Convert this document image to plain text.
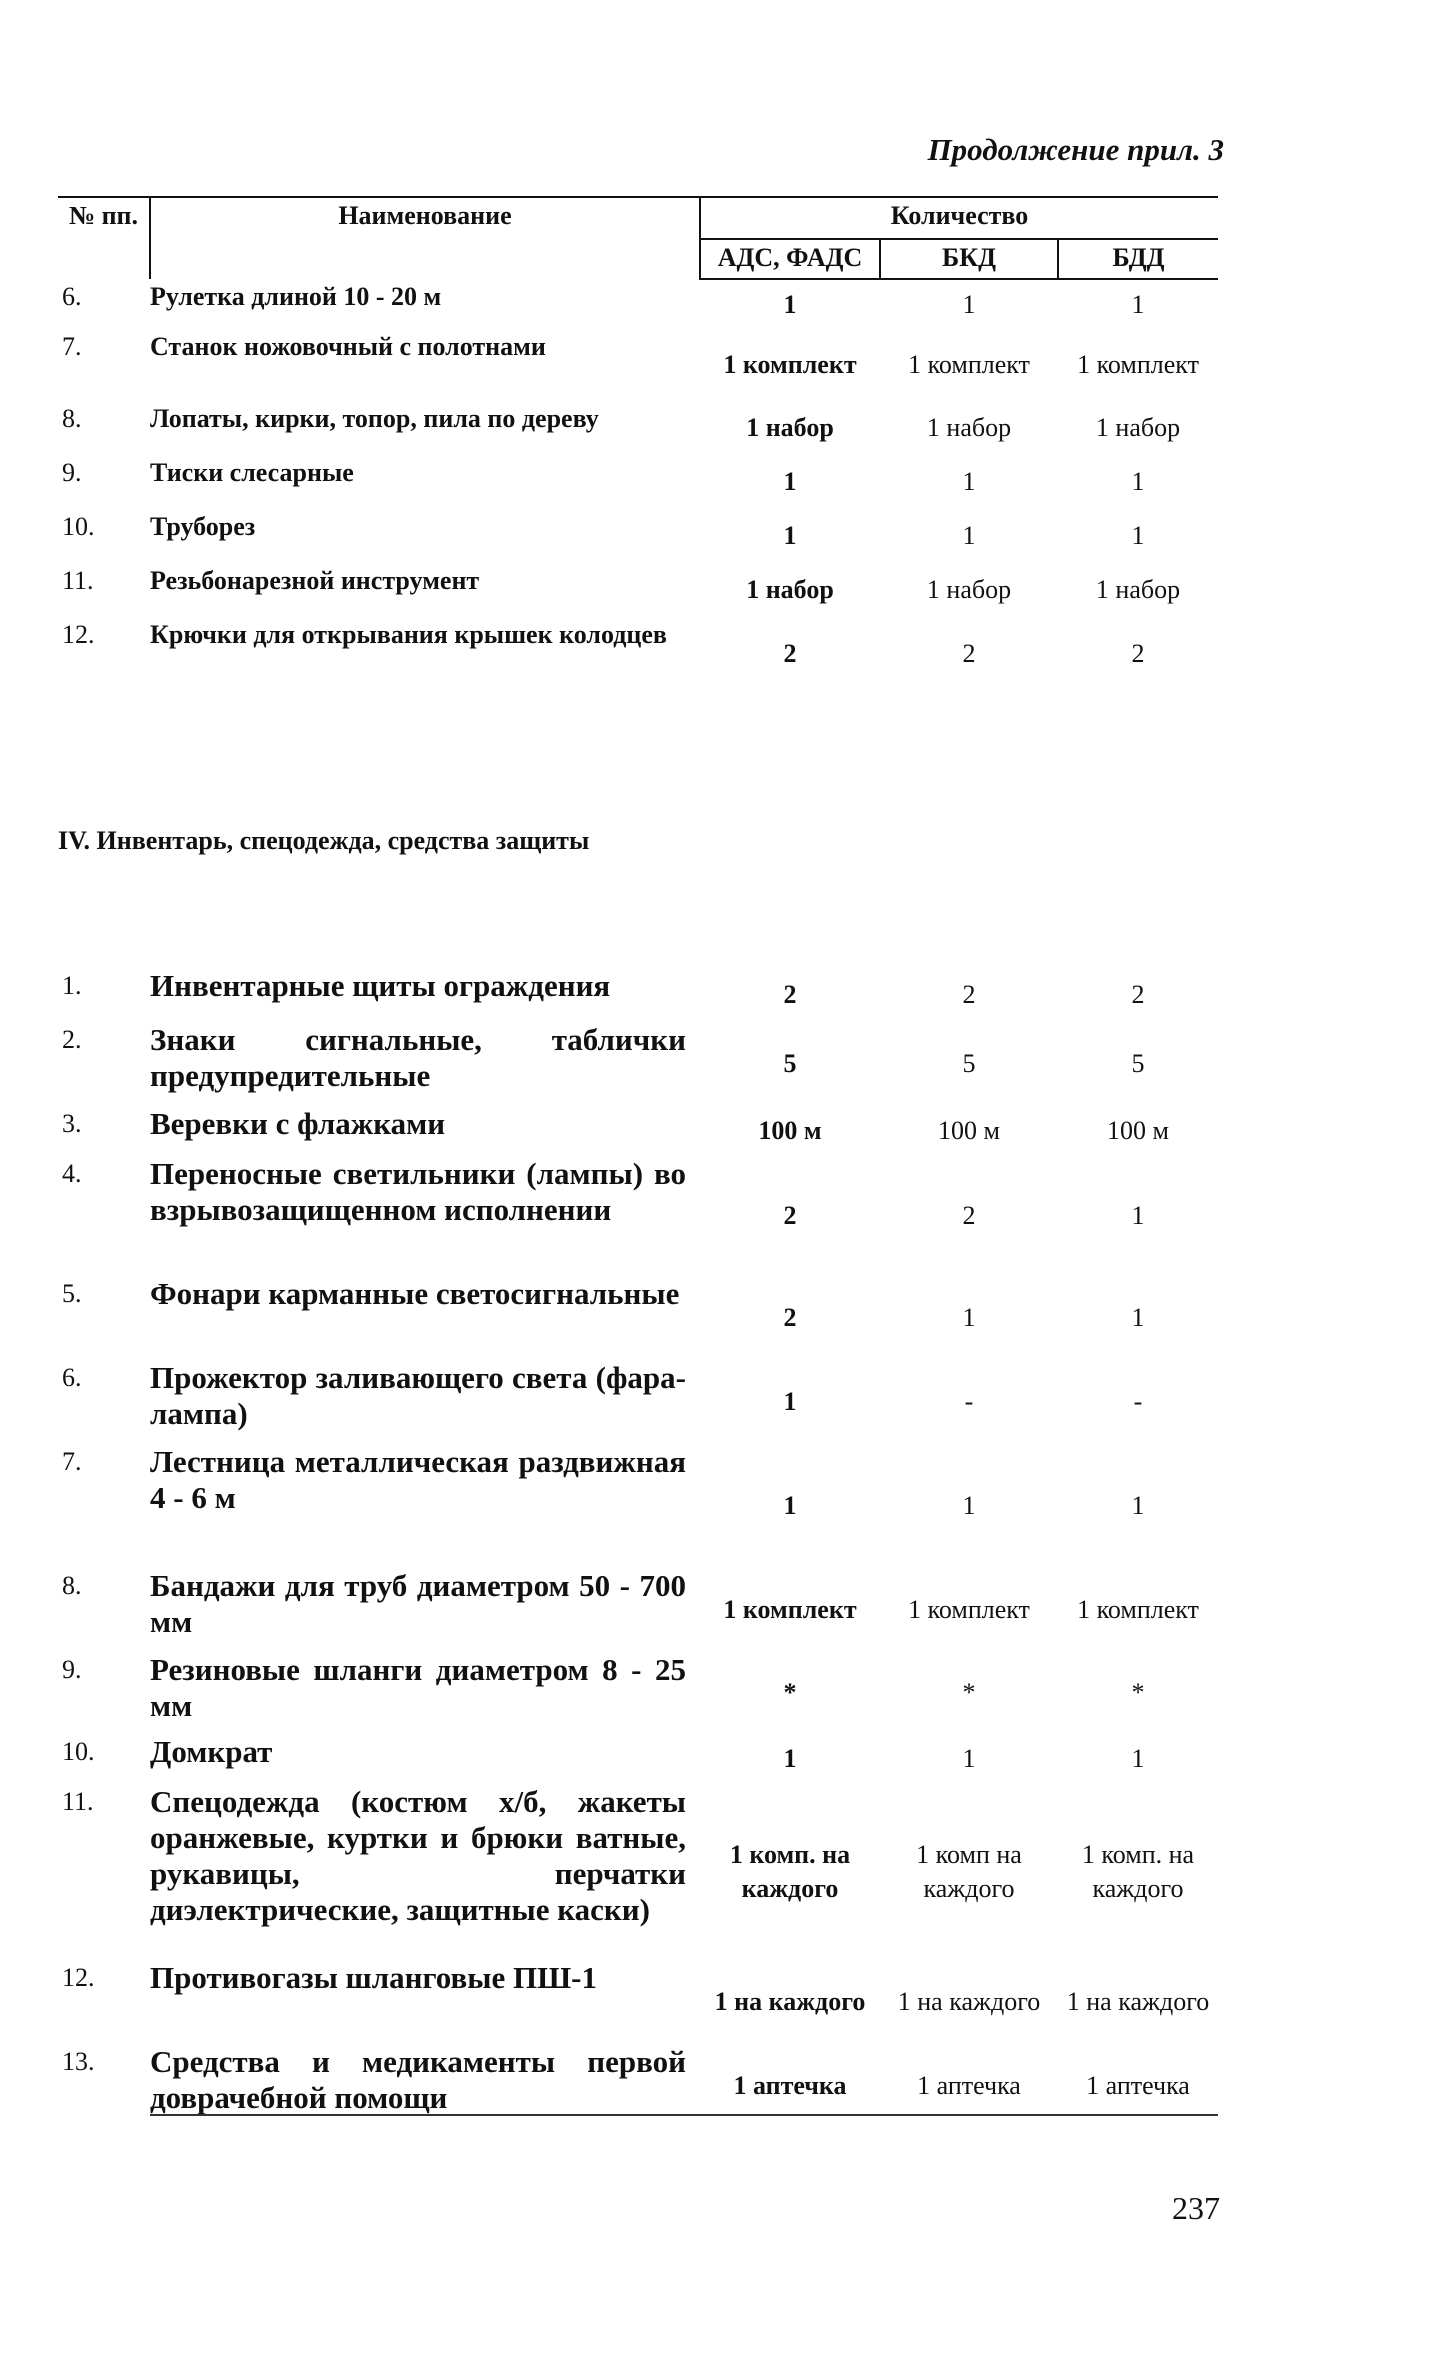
Продолжение прил. 3
№ пп.	Наименование	Количество		
		АДС, ФАДС	БКД	БДД
6.	Рулетка длиной 10 - 20 м	1	1	1
7.	Станок ножовочный с полотнами	1 комплект	1 комплект	1 комплект
8.	Лопаты, кирки, топор, пила по дереву	1 набор	1 набор	1 набор
9.	Тиски слесарные	1	1	1
10.	Труборез	1	1	1
11.	Резьбонарезной инструмент	1 набор	1 набор	1 набор
12.	Крючки для открывания крышек колодцев	2	2	2
IV. Инвентарь, спецодежда, средства защиты
1.	Инвентарные щиты ограждения	2	2	2
2.	Знаки сигнальные, таблички предупредительные	5	5	5
3.	Веревки с флажками	100 м	100 м	100 м
4.	Переносные светильники (лампы) во взрывозащищенном исполнении	2	2	1
5.	Фонари карманные светосигнальные	2	1	1
6.	Прожектор заливающего света (фара-лампа)	1	-	-
7.	Лестница металлическая раздвижная 4 - 6 м	1	1	1
8.	Бандажи для труб диаметром 50 - 700 мм	1 комплект	1 комплект	1 комплект
9.	Резиновые шланги диаметром 8 - 25 мм	*	*	*
10.	Домкрат	1	1	1
11.	Спецодежда (костюм х/б, жакеты оранжевые, куртки и брюки ватные, рукавицы, перчатки диэлектрические, защитные каски)	1 комп. на каждого	1 комп на каждого	1 комп. на каждого
12.	Противогазы шланговые ПШ-1	1 на каждого	1 на каждого	1 на каждого
13.	Средства и медикаменты первой доврачебной помощи	1 аптечка	1 аптечка	1 аптечка
237
